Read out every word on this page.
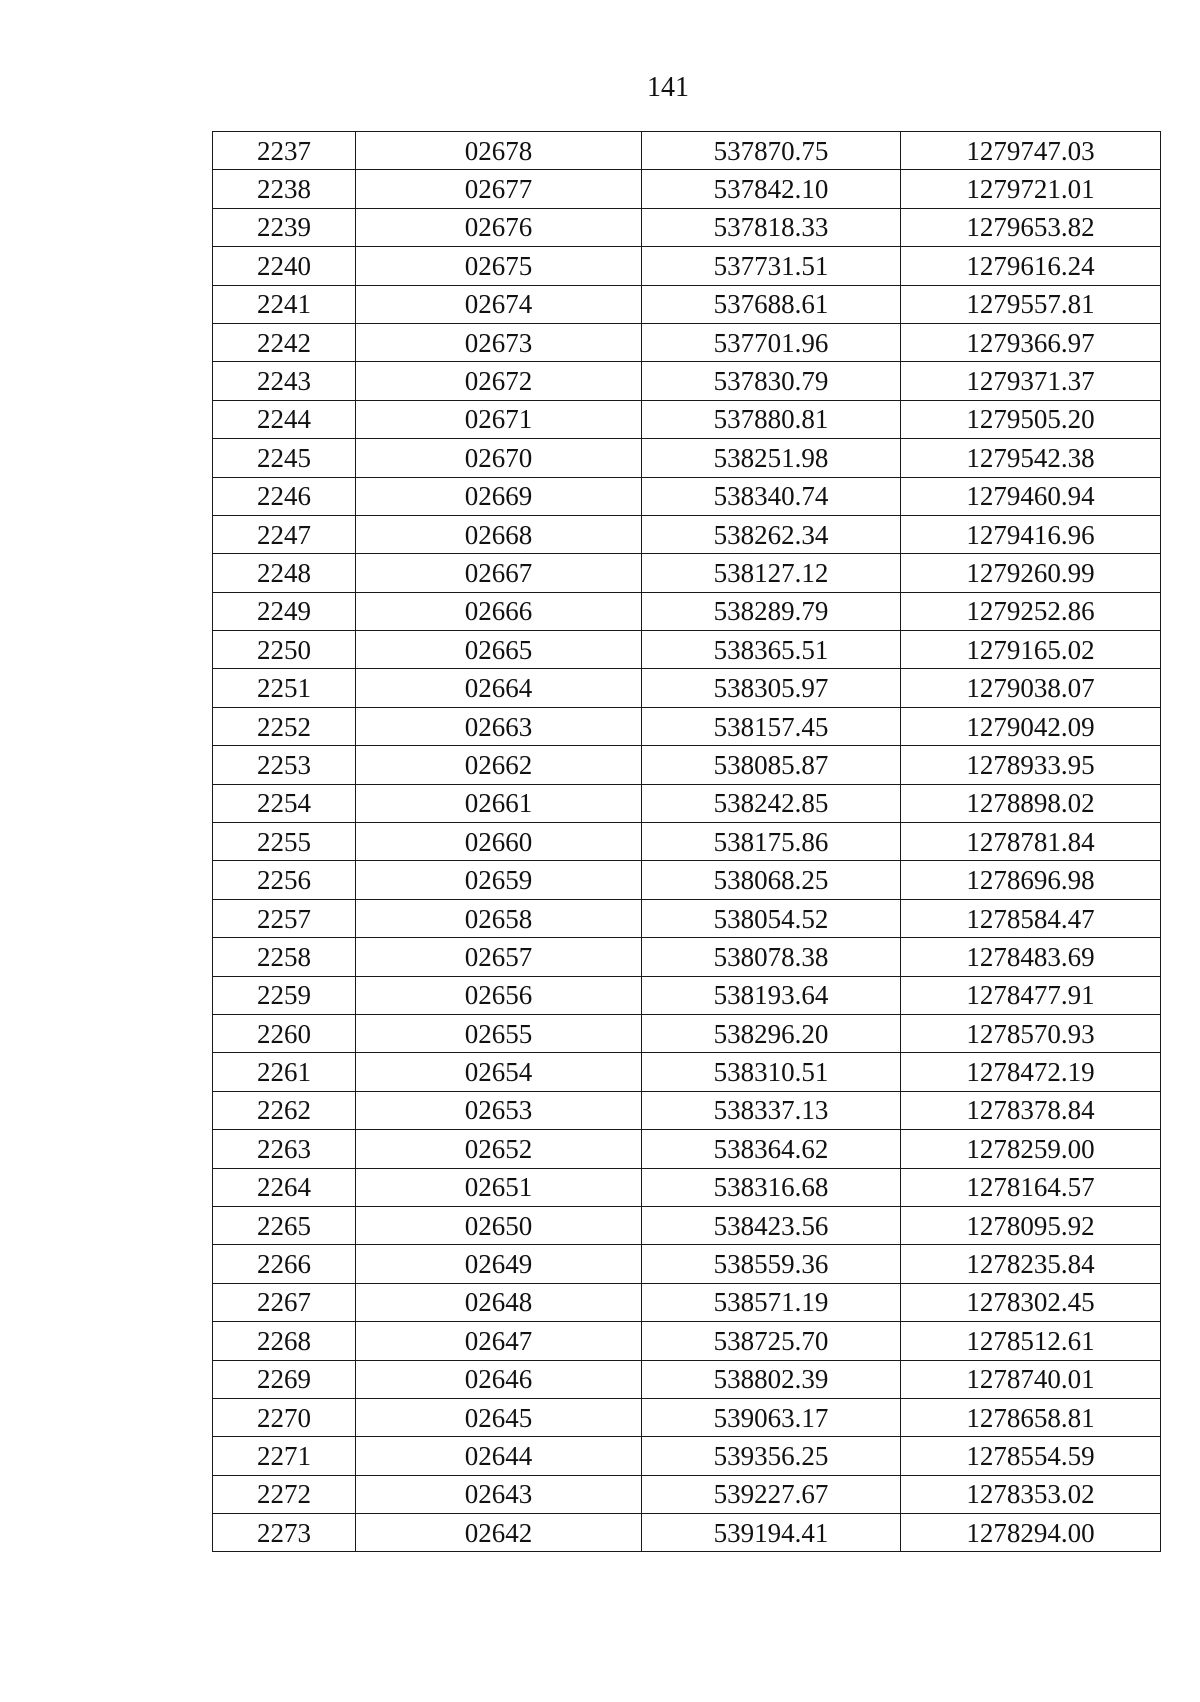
141
2237	02678	537870.75	1279747.03
2238	02677	537842.10	1279721.01
2239	02676	537818.33	1279653.82
2240	02675	537731.51	1279616.24
2241	02674	537688.61	1279557.81
2242	02673	537701.96	1279366.97
2243	02672	537830.79	1279371.37
2244	02671	537880.81	1279505.20
2245	02670	538251.98	1279542.38
2246	02669	538340.74	1279460.94
2247	02668	538262.34	1279416.96
2248	02667	538127.12	1279260.99
2249	02666	538289.79	1279252.86
2250	02665	538365.51	1279165.02
2251	02664	538305.97	1279038.07
2252	02663	538157.45	1279042.09
2253	02662	538085.87	1278933.95
2254	02661	538242.85	1278898.02
2255	02660	538175.86	1278781.84
2256	02659	538068.25	1278696.98
2257	02658	538054.52	1278584.47
2258	02657	538078.38	1278483.69
2259	02656	538193.64	1278477.91
2260	02655	538296.20	1278570.93
2261	02654	538310.51	1278472.19
2262	02653	538337.13	1278378.84
2263	02652	538364.62	1278259.00
2264	02651	538316.68	1278164.57
2265	02650	538423.56	1278095.92
2266	02649	538559.36	1278235.84
2267	02648	538571.19	1278302.45
2268	02647	538725.70	1278512.61
2269	02646	538802.39	1278740.01
2270	02645	539063.17	1278658.81
2271	02644	539356.25	1278554.59
2272	02643	539227.67	1278353.02
2273	02642	539194.41	1278294.00
